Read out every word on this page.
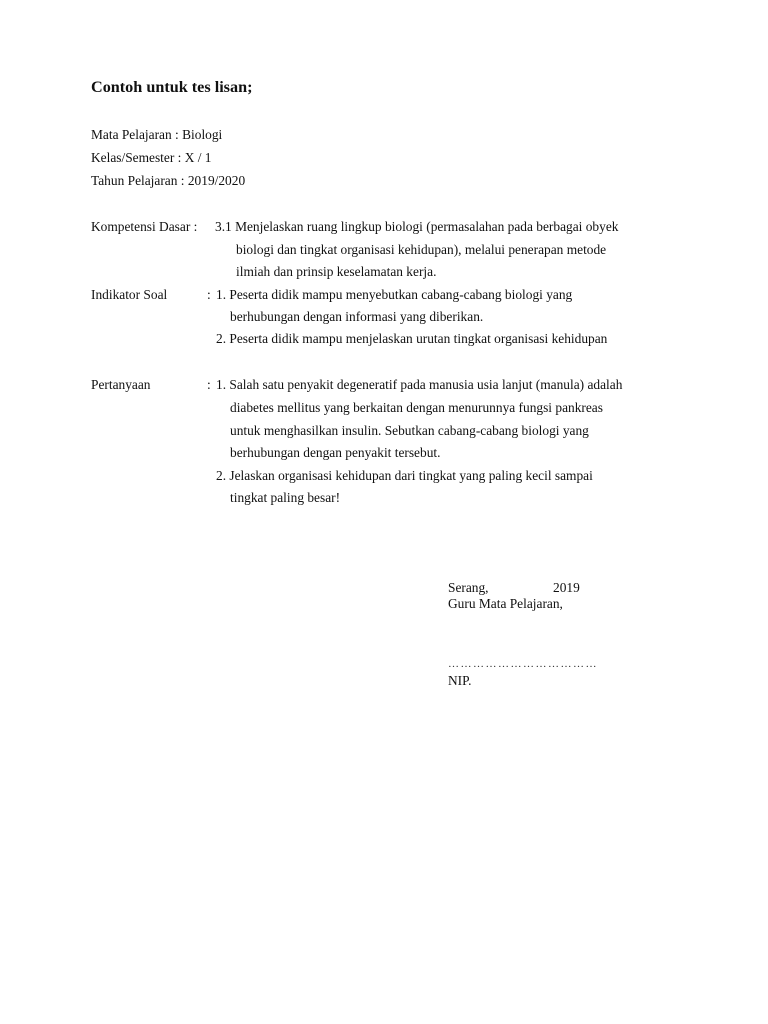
Contoh untuk tes lisan;
Mata Pelajaran : Biologi
Kelas/Semester : X / 1
Tahun Pelajaran : 2019/2020
Kompetensi Dasar : 3.1 Menjelaskan ruang lingkup biologi (permasalahan pada berbagai obyek
biologi dan tingkat organisasi kehidupan), melalui penerapan metode
ilmiah dan prinsip keselamatan kerja.
Indikator Soal	: 1. Peserta didik mampu menyebutkan cabang-cabang biologi yang
berhubungan dengan informasi yang diberikan.
2. Peserta didik mampu menjelaskan urutan tingkat organisasi kehidupan
Pertanyaan	: 1. Salah satu penyakit degeneratif pada manusia usia lanjut (manula) adalah
diabetes mellitus yang berkaitan dengan menurunnya fungsi pankreas
untuk menghasilkan insulin. Sebutkan cabang-cabang biologi yang
berhubungan dengan penyakit tersebut.
2. Jelaskan organisasi kehidupan dari tingkat yang paling kecil sampai
tingkat paling besar!
Serang,	2019
Guru Mata Pelajaran,
………………………………
NIP.
